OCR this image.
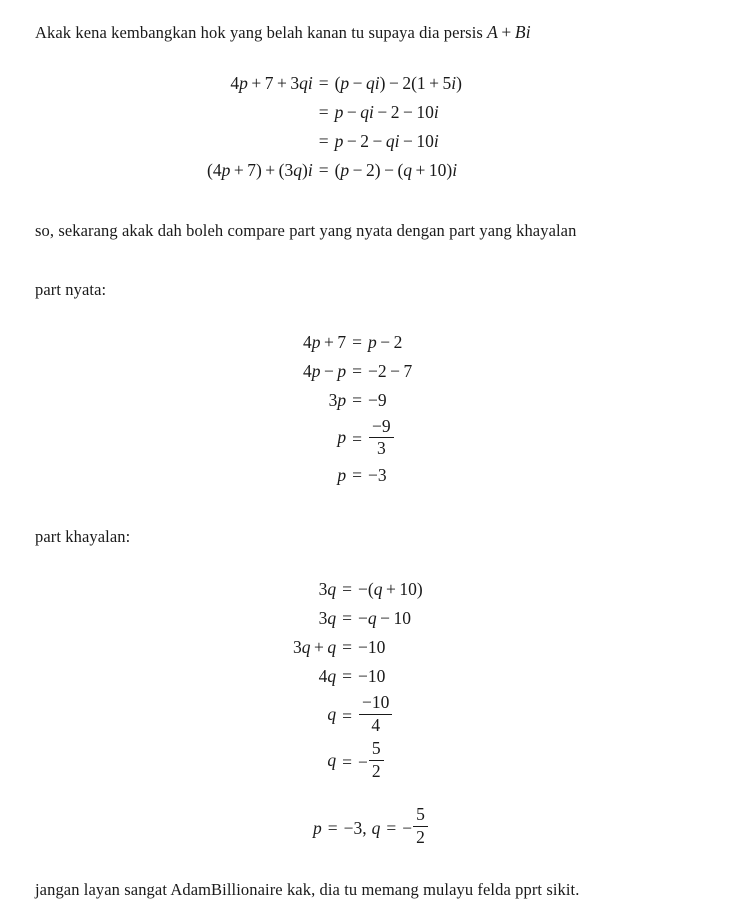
Akak kena kembangkan hok yang belah kanan tu supaya dia persis A + Bi

4p + 7 + 3qi	= (p − qi) − 2(1 + 5i)
	= p − qi − 2 − 10i
	= p − 2 − qi − 10i
(4p + 7) + (3q)i	= (p − 2) − (q + 10)i

so, sekarang akak dah boleh compare part yang nyata dengan part yang khayalan

part nyata:

4p + 7	= p − 2
4p − p	= −2 − 7
3p	= −9
p	= $\frac{-9}{3}$

p	= −3

part khayalan:

3q	= −(q + 10)
3q	= −q − 10
3q + q	= −10
4q	= −10
q	= $\frac{-10}{4}$

q	= − $\frac{5}{2}$
p = −3, q = − $\frac{5}{2}$

jangan layan sangat AdamBillionaire kak, dia tu memang mulayu felda pprt sikit.
